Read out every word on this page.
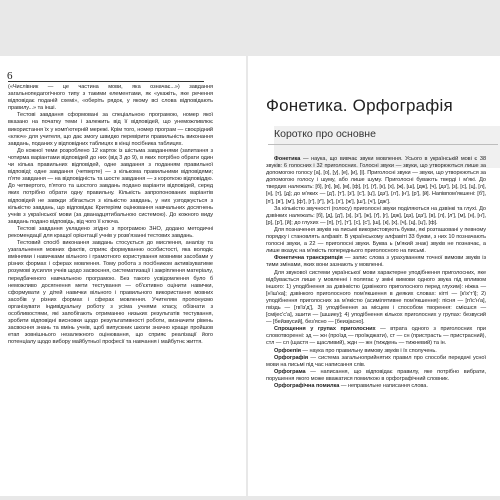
6

(«Числівник — це частина мови, яка означає...») завдання загальнопедагогічного типу з такими елементами, як «укажіть, яке речення відповідає поданій схемі», «оберіть рядок, у якому всі слова відповідають правилу...» та інші.

Тестові завдання сформовані за спеціальною програмою, номер якої вказано на початку теми і залежить від її відповідей, що унеможливлює використання їх у комп'ютерній мережі. Крім того, номер програм — своєрідний «ключ» для учителя, що дає змогу швидко перевірити правильність виконання завдань, поданих у відповідних таблицях в кінці посібника таблицях.

До кожної теми розроблено 12 карток із шістьма завданнями (запитання з чотирма варіантами відповідей до них (від 3 до 9), в яких потрібно обрати один чи кілька правильних відповідей, одне завдання з поданням правильної відповіді; одне завдання (четверте) — з кількома правильними відповідями; п'яте завдання — на відповідність та шосте завдання — з короткою відповіддю. До четвертого, п'ятого та шостого завдань подано варіанти відповідей, серед яких потрібно обрати одну правильну. Кількість запропонованих варіантів відповідей не завжди збігається з кількістю завдань, у них узгоджується з кількістю завдань, що відповідає Критеріям оцінювання навчальних досягнень учнів з української мови (за дванадцятибальною системою). До кожного виду завдань подано відповідь, від чого її ключа.

Тестові завдання укладено згідно з програмою ЗНО, додано методичні рекомендації для кращої орієнтації учнів у розв'язанні тестових завдань.

Тестовий спосіб виконання завдань стосується до мислення, аналізу та узагальнення мовних фактів, сприяє формуванню особистості, яка володіє вміннями і навичками вільного і грамотного користування мовними засобами у різних формах і сферах мовлення. Тому робота з посібником активізуватиме розумові зусилля учнів щодо засвоєння, систематизації і закріплення матеріалу, передбаченого навчальною програмою. Без такого усвідомлення було б неможливо досягнення мети тестування — об'єктивно оцінити навички, сформувати у дітей навички вільного і правильного використання мовних засобів у різних формах і сферах мовлення. Учителям пропонуємо організувати індивідуальну роботу з усіма учнями класу, обізнати з особливостями, які запобігають отриманню низьких результатів тестування, зробити відповідні висновки щодо результативності роботи, визначити рівень засвоєння знань та вмінь учнів, щоб випускник школи значно краще пройшов етап зовнішнього незалежного оцінювання, що сприяє реалізації його потенціалу щодо вибору майбутньої професії та навчання і майбутнє життя.

Фонетика. Орфографія
Коротко про основне

Фонетика — наука, що вивчає звуки мовлення. Усього в українській мові є 38 звуків: 6 голосних і 32 приголосних. Голосні звуки — звуки, що утворюються лише за допомогою голосу [а], [о], [у], [е], [и], [і]. Приголосні звуки — звуки, що утворюються за допомогою голосу і шуму, або лише шуму. Приголосні бувають тверді і м'які. До твердих належать: [б], [п], [в], [м], [ф], [г], [ґ], [к], [х], [ж], [ш], [дж], [ч], [дз'], [з], [с], [ц], [л], [н], [т], [д]; до м'яких — [д'], [т'], [з'], [с'], [ц'], [дз'], [л'], [н'], [р'], [й]. Напівпом'якшені: [б'], [п'], [в'], [м'], [ф'], [г'], [ґ'], [к'], [х'], [ж'], [ш'], [ч'], [дж'].

За кількістю звучності (голосу) приголосні звуки поділяються на дзвінкі та глухі. До дзвінких належать: [б], [д], [д'], [з], [з'], [ж], [ґ], [г], [дж], [дз], [дз'], [в], [л], [л'], [м], [н], [н'], [р], [р'], [й]; до глухих — [п], [т], [т'], [с], [с'], [ш], [к], [х], [ч], [ц], [ц'], [ф].

Для позначення звуків на письмі використовують букви, які розташовані у певному порядку і становлять алфавіт. В українському алфавіті 33 букви, з них 10 позначають голосні звуки, а 22 — приголосні звуки. Буква ь (м'який знак) звуків не позначає, а лише вказує на м'якість попереднього приголосного на письмі.

Фонетична транскрипція — запис слова з урахуванням точної вимови звуків із тими змінами, яких вони зазнають у мовленні.

Для звукової системи української мови характерне уподібнення приголосних, яке відбувається лише у мовленні і полягає у зміні вимови одного звука під впливом іншого: 1) уподібнення за дзвінкістю (дзвінкого приголосного перед глухим): ніжка — [н'іш'ка]; дзвінкого приголосного пом'якшення в деяких словах: кігті — [к'іх'т'і]; 2) уподібнення приголосних за м'якістю (асимілятивне пом'якшення): пісня — [п'іс'н'а], гвіздь — [гв'із'д'], 3) уподібнення за місцем і способом творення: смієшся — [сміјес'с'а], зшити — [шшиеу]; 4) уподібнення кількох приголосних у групах: безвусий — [бейзвусий], без'ясно — [беизјасно].

Спрощення у групах приголосних — втрата одного з приголосних при словотворенні: зд — жн (проїзд — проїжджати), ст — сн (пристрасть — пристрасний), стл — сл (щастя — щасливий), ждн — жн (тиждень — тижневий) та ін.

Орфоепія — наука про правильну вимову звуків і їх сполучень.

Орфографія — система загальноприйнятих правил про способи передачі усної мови на письмі під час написання слів.

Орфограма — написання, що відповідає правилу, яке потрібно вибрати, порушення якого може вважатися помилкою в орфографічний словник.

Орфографічна помилка — неправильне написання слова.
